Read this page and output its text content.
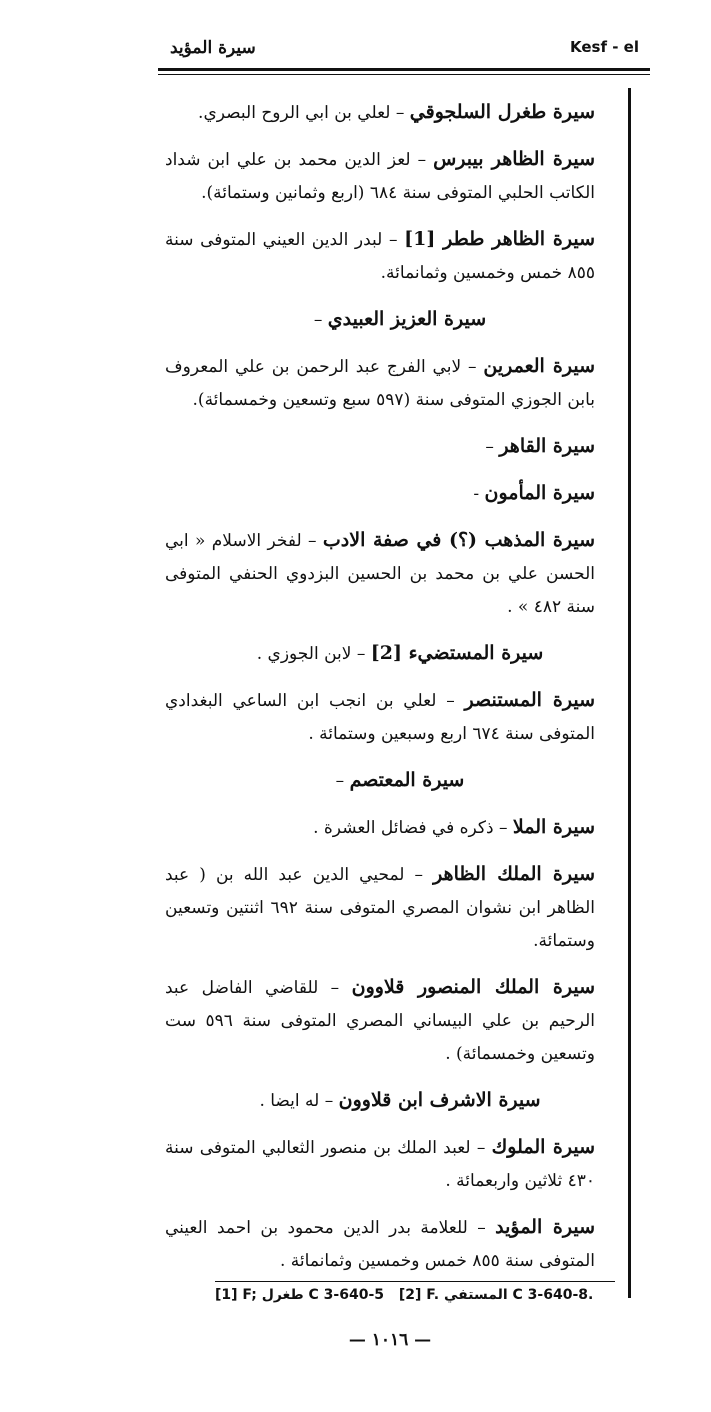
سيرة المؤيد	Kesf - el

سيرة طغرل السلجوقي – لعلي بن ابي الروح البصري.

سيرة الظاهر بيبرس – لعز الدين محمد بن علي ابن شداد الكاتب الحلبي المتوفى سنة ٦٨٤ (اربع وثمانين وستمائة).

سيرة الظاهر ططر [1] – لبدر الدين العيني المتوفى سنة ٨٥٥ خمس وخمسين وثمانمائة.

سيرة العزيز العبيدي –

سيرة العمرين – لابي الفرج عبد الرحمن بن علي المعروف بابن الجوزي المتوفى سنة (٥٩٧ سبع وتسعين وخمسمائة).

سيرة القاهر –

سيرة المأمون -

سيرة المذهب (؟) في صفة الادب – لفخر الاسلام « ابي الحسن علي بن محمد بن الحسين البزدوي الحنفي المتوفى سنة ٤٨٢ » .

سيرة المستضيء [2] – لابن الجوزي .

سيرة المستنصر – لعلي بن انجب ابن الساعي البغدادي المتوفى سنة ٦٧٤ اربع وسبعين وستمائة .

سيرة المعتصم –

سيرة الملا – ذكره في فضائل العشرة .

سيرة الملك الظاهر – لمحيي الدين عبد الله بن ( عبد الظاهر ابن نشوان المصري المتوفى سنة ٦٩٢ اثنتين وتسعين وستمائة.

سيرة الملك المنصور قلاوون – للقاضي الفاضل عبد الرحيم بن علي البيساني المصري المتوفى سنة ٥٩٦ ست وتسعين وخمسمائة) .

سيرة الاشرف ابن قلاوون – له ايضا .

سيرة الملوك – لعبد الملك بن منصور الثعالبي المتوفى سنة ٤٣٠ ثلاثين واربعمائة .

سيرة المؤيد – للعلامة بدر الدين محمود بن احمد العيني المتوفى سنة ٨٥٥ خمس وخمسين وثمانمائة .

[1] F; طغرل C 3-640-5 [2] F. المستفي C 3-640-8.
— ١٠١٦ —
